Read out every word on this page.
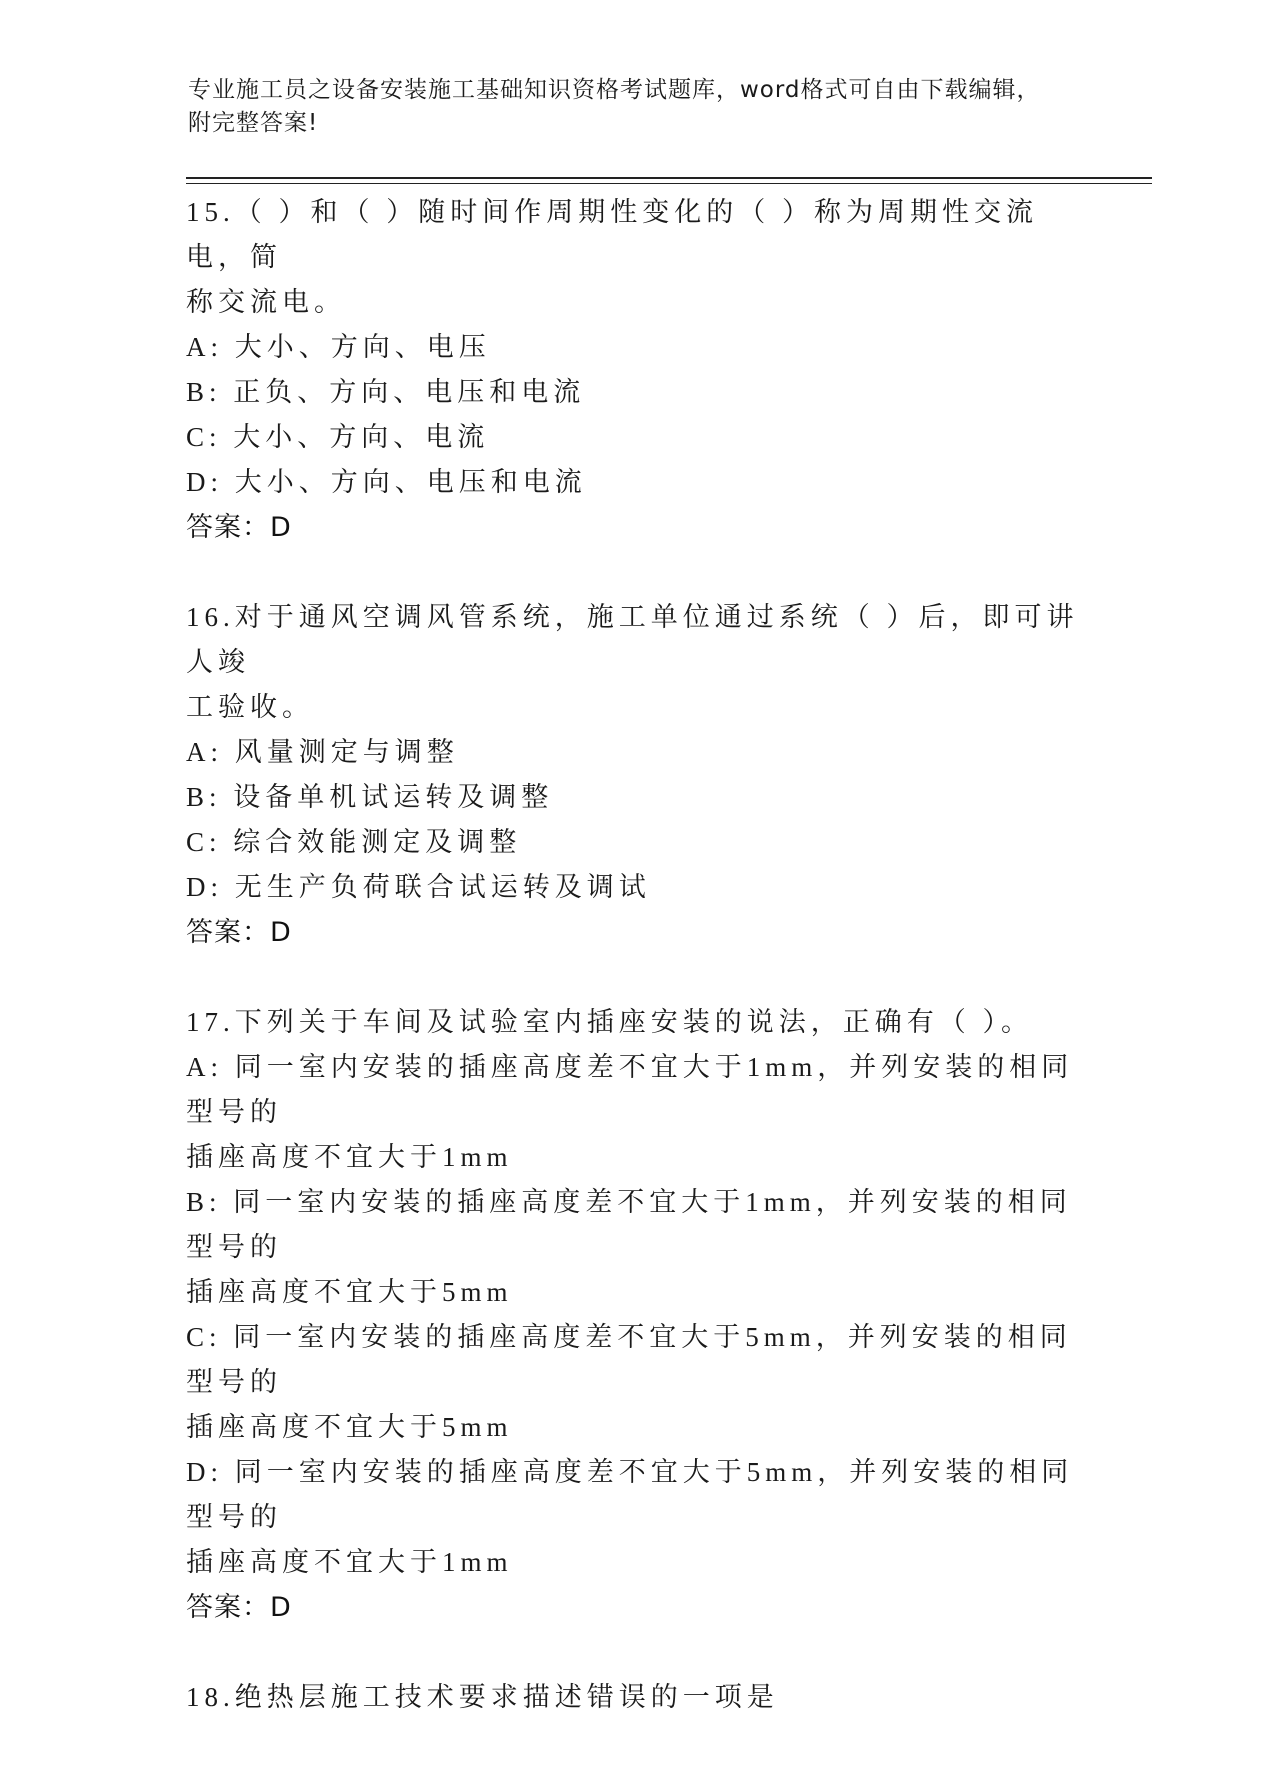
专业施工员之设备安装施工基础知识资格考试题库，word格式可自由下载编辑，
附完整答案!
15.（ ）和（ ）随时间作周期性变化的（ ）称为周期性交流电，简
称交流电。
A: 大小、方向、电压
B: 正负、方向、电压和电流
C: 大小、方向、电流
D: 大小、方向、电压和电流
答案：D
16.对于通风空调风管系统，施工单位通过系统（ ）后，即可讲人竣
工验收。
A: 风量测定与调整
B: 设备单机试运转及调整
C: 综合效能测定及调整
D: 无生产负荷联合试运转及调试
答案：D
17.下列关于车间及试验室内插座安装的说法，正确有（ ）。
A: 同一室内安装的插座高度差不宜大于1mm，并列安装的相同型号的
插座高度不宜大于1mm
B: 同一室内安装的插座高度差不宜大于1mm，并列安装的相同型号的
插座高度不宜大于5mm
C: 同一室内安装的插座高度差不宜大于5mm，并列安装的相同型号的
插座高度不宜大于5mm
D: 同一室内安装的插座高度差不宜大于5mm，并列安装的相同型号的
插座高度不宜大于1mm
答案：D
18.绝热层施工技术要求描述错误的一项是
